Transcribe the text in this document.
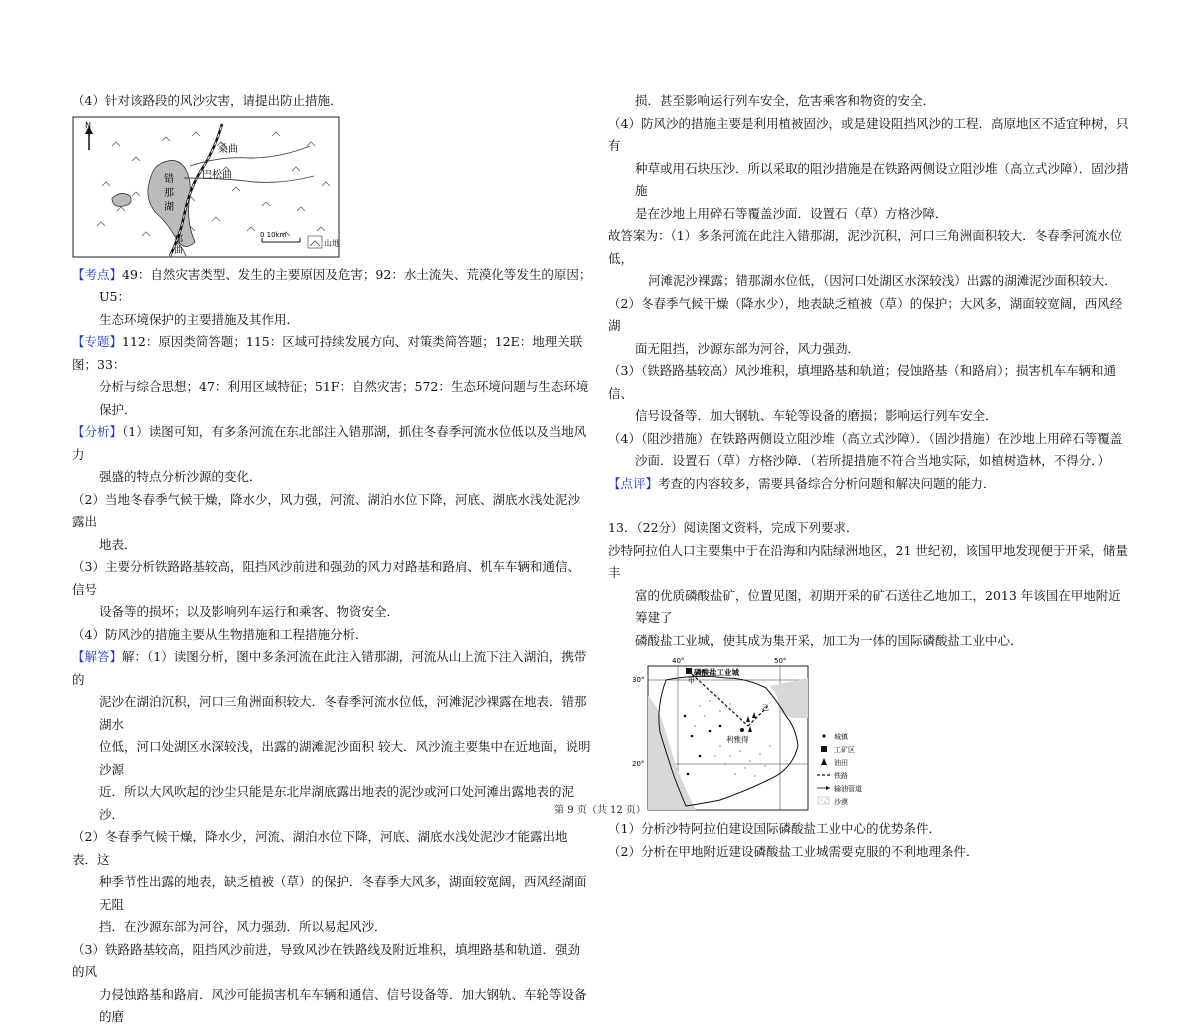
（4）针对该路段的风沙灾害，请提出防止措施．

N
错
那
湖
桑曲
巴松曲
那
曲
0 10km
山地

【考点】49：自然灾害类型、发生的主要原因及危害；92：水土流失、荒漠化等发生的原因；U5：

生态环境保护的主要措施及其作用．

【专题】112：原因类简答题；115：区域可持续发展方向、对策类简答题；12E：地理关联图；33：

分析与综合思想；47：利用区域特征；51F：自然灾害；572：生态环境问题与生态环境保护．

【分析】（1）读图可知，有多条河流在东北部注入错那湖，抓住冬春季河流水位低以及当地风力

强盛的特点分析沙源的变化．

（2）当地冬春季气候干燥，降水少，风力强，河流、湖泊水位下降，河底、湖底水浅处泥沙露出

地表．

（3）主要分析铁路路基较高，阻挡风沙前进和强劲的风力对路基和路肩、机车车辆和通信、信号

设备等的损坏；以及影响列车运行和乘客、物资安全．

（4）防风沙的措施主要从生物措施和工程措施分析．

【解答】解：（1）读图分析，图中多条河流在此注入错那湖，河流从山上流下注入湖泊，携带的

泥沙在湖泊沉积，河口三角洲面积较大．冬春季河流水位低，河滩泥沙裸露在地表．错那湖水

位低，河口处湖区水深较浅，出露的湖滩泥沙面积 较大．风沙流主要集中在近地面，说明沙源

近．所以大风吹起的沙尘只能是东北岸湖底露出地表的泥沙或河口处河滩出露地表的泥沙．

（2）冬春季气候干燥，降水少，河流、湖泊水位下降，河底、湖底水浅处泥沙才能露出地表．这

种季节性出露的地表，缺乏植被（草）的保护．冬春季大风多，湖面较宽阔，西风经湖面无阻

挡．在沙源东部为河谷，风力强劲．所以易起风沙．

（3）铁路路基较高，阻挡风沙前进，导致风沙在铁路线及附近堆积，填埋路基和轨道．强劲的风

力侵蚀路基和路肩．风沙可能损害机车车辆和通信、信号设备等．加大钢轨、车轮等设备的磨

损．甚至影响运行列车安全，危害乘客和物资的安全．

（4）防风沙的措施主要是利用植被固沙，或是建设阻挡风沙的工程．高原地区不适宜种树，只有

种草或用石块压沙．所以采取的阻沙措施是在铁路两侧设立阻沙堆（高立式沙障）．固沙措施

是在沙地上用碎石等覆盖沙面．设置石（草）方格沙障．

故答案为：（1）多条河流在此注入错那湖，泥沙沉积，河口三角洲面积较大．冬春季河流水位低，

河滩泥沙裸露；错那湖水位低，（因河口处湖区水深较浅）出露的湖滩泥沙面积较大．

（2）冬春季气候干燥（降水少），地表缺乏植被（草）的保护；大风多，湖面较宽阔，西风经湖

面无阻挡，沙源东部为河谷，风力强劲．

（3）（铁路路基较高）风沙堆积，填埋路基和轨道；侵蚀路基（和路肩）；损害机车车辆和通信、

信号设备等．加大钢轨、车轮等设备的磨损；影响运行列车安全．

（4）（阻沙措施）在铁路两侧设立阻沙堆（高立式沙障）．（固沙措施）在沙地上用碎石等覆盖

沙面．设置石（草）方格沙障．（若所提措施不符合当地实际，如植树造林，不得分．）

【点评】考查的内容较多，需要具备综合分析问题和解决问题的能力．

13．（22分）阅读图文资料，完成下列要求．

沙特阿拉伯人口主要集中于在沿海和内陆绿洲地区，21 世纪初，该国甲地发现便于开采，储量丰

富的优质磷酸盐矿，位置见图，初期开采的矿石送往乙地加工，2013 年该国在甲地附近筹建了

磷酸盐工业城，使其成为集开采，加工为一体的国际磷酸盐工业中心．

40°	50°
30°
20°
磷酸盐工业城
甲
乙
利雅得	城镇
工矿区
油田
铁路
输油管道
沙漠

（1）分析沙特阿拉伯建设国际磷酸盐工业中心的优势条件．

（2）分析在甲地附近建设磷酸盐工业城需要克服的不利地理条件．

第 9 页（共 12 页）
